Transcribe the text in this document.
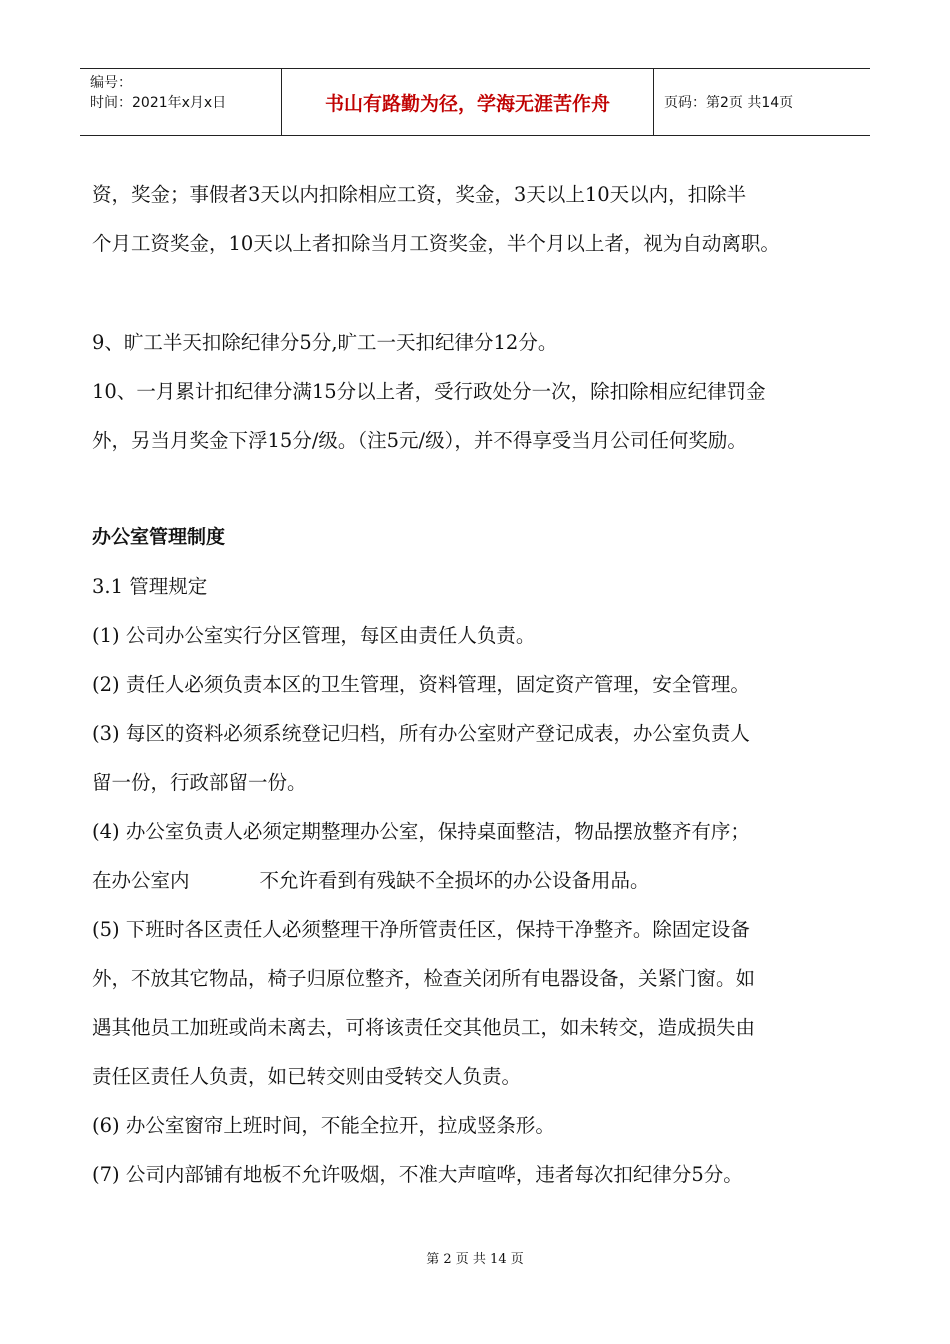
编号：
时间：2021年x月x日	书山有路勤为径，学海无涯苦作舟	页码：第2页 共14页
资，奖金；事假者3天以内扣除相应工资，奖金，3天以上10天以内，扣除半
个月工资奖金，10天以上者扣除当月工资奖金，半个月以上者，视为自动离职。
9、旷工半天扣除纪律分5分,旷工一天扣纪律分12分。
10、一月累计扣纪律分满15分以上者，受行政处分一次，除扣除相应纪律罚金
外，另当月奖金下浮15分/级。（注5元/级），并不得享受当月公司任何奖励。
办公室管理制度
3.1 管理规定
(1) 公司办公室实行分区管理，每区由责任人负责。
(2) 责任人必须负责本区的卫生管理，资料管理，固定资产管理，安全管理。
(3) 每区的资料必须系统登记归档，所有办公室财产登记成表，办公室负责人
留一份，行政部留一份。
(4) 办公室负责人必须定期整理办公室，保持桌面整洁，物品摆放整齐有序；
在办公室内	不允许看到有残缺不全损坏的办公设备用品。
(5) 下班时各区责任人必须整理干净所管责任区，保持干净整齐。除固定设备
外，不放其它物品，椅子归原位整齐，检查关闭所有电器设备，关紧门窗。如
遇其他员工加班或尚未离去，可将该责任交其他员工，如未转交，造成损失由
责任区责任人负责，如已转交则由受转交人负责。
(6) 办公室窗帘上班时间，不能全拉开，拉成竖条形。
(7) 公司内部铺有地板不允许吸烟，不准大声喧哗，违者每次扣纪律分5分。
第 2 页 共 14 页
